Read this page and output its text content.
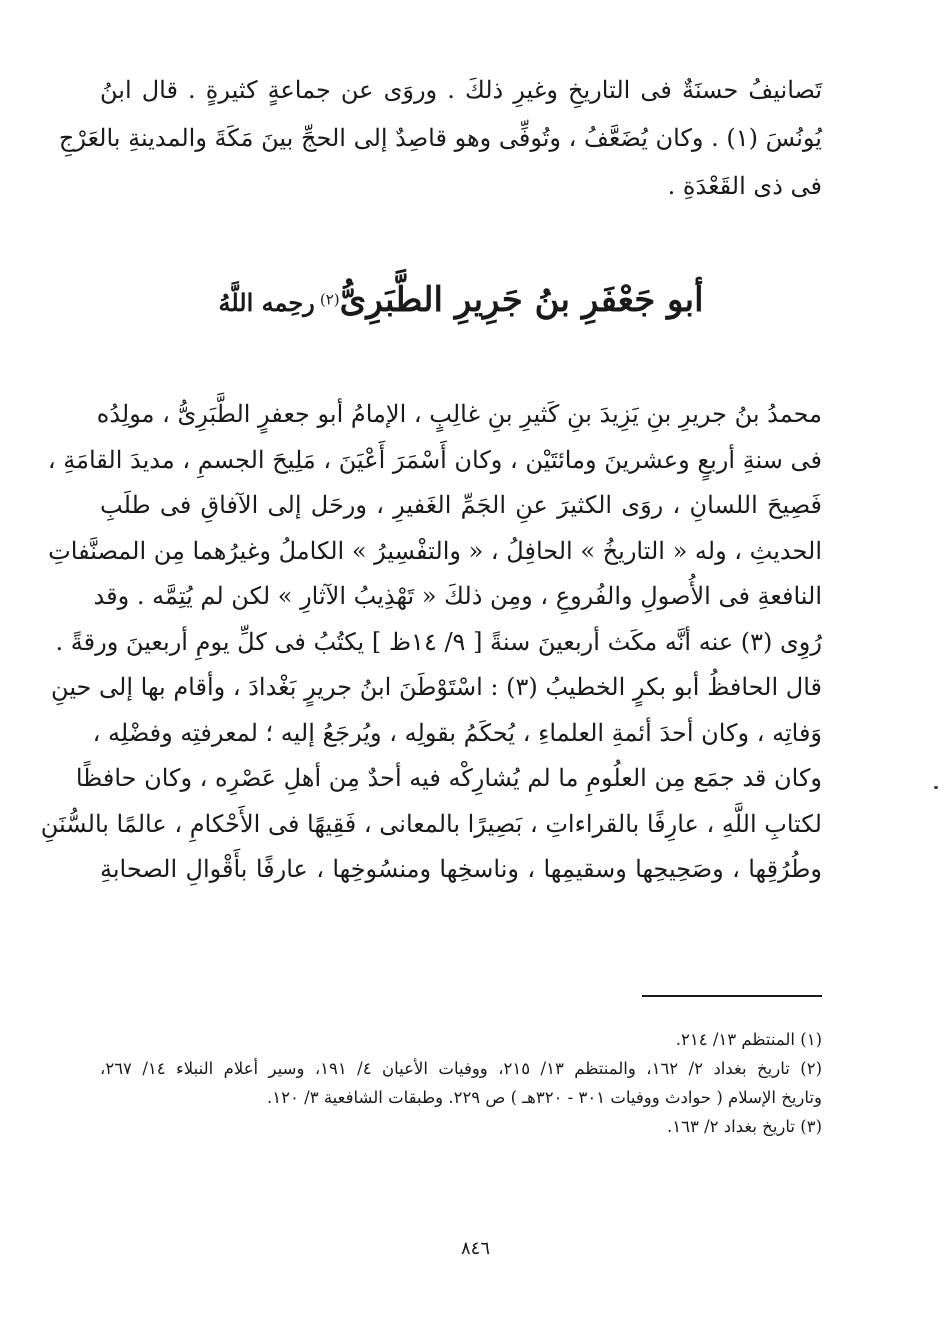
تَصانيفُ حسنَةٌ فى التاريخِ وغيرِ ذلكَ . وروَى عن جماعةٍ كثيرةٍ . قال ابنُ
يُونُسَ (١) . وكان يُضَعَّفُ ، وتُوفِّى وهو قاصِدٌ إلى الحجِّ بينَ مَكَةَ والمدينةِ بالعَرْجِ
فى ذى القَعْدَةِ .
أبو جَعْفَرِ بنُ جَرِيرِ الطَّبَرِىُّ(٢) رحِمه اللَّهُ
محمدُ بنُ جريرِ بنِ يَزِيدَ بنِ كَثيرِ بنِ غالِبٍ ، الإمامُ أبو جعفرٍ الطَّبَرِىُّ ، مولِدُه
فى سنةِ أربعٍ وعشرينَ ومائتَيْن ، وكان أَسْمَرَ أَعْيَنَ ، مَلِيحَ الجسمِ ، مديدَ القامَةِ ،
فَصِيحَ اللسانِ ، روَى الكثيرَ عنِ الجَمِّ الغَفيرِ ، ورحَل إلى الآفاقِ فى طلَبِ
الحديثِ ، وله « التاريخُ » الحافِلُ ، « والتفْسِيرُ » الكاملُ وغيرُهما مِن المصنَّفاتِ
النافعةِ فى الأُصولِ والفُروعِ ، ومِن ذلكَ « تَهْذِيبُ الآثارِ » لكن لم يُتِمَّه . وقد
رُوِى (٣) عنه أنَّه مكَث أربعينَ سنةً [ ٩/ ١٤ظ ] يكتُبُ فى كلِّ يومِ أربعينَ ورقةً .
قال الحافظُ أبو بكرٍ الخطيبُ (٣) : اسْتَوْطَنَ ابنُ جريرٍ بَغْدادَ ، وأقام بها إلى حينِ
وَفاتِه ، وكان أحدَ أئمةِ العلماءِ ، يُحكَمُ بقولِه ، ويُرجَعُ إليه ؛ لمعرفتِه وفضْلِه ،
وكان قد جمَع مِن العلُومِ ما لم يُشارِكْه فيه أحدٌ مِن أهلِ عَصْرِه ، وكان حافظًا
لكتابِ اللَّهِ ، عارِفًا بالقراءاتِ ، بَصِيرًا بالمعانى ، فَقِيهًا فى الأَحْكامِ ، عالمًا بالسُّنَنِ
وطُرُقِها ، وصَحِيحِها وسقيمِها ، وناسخِها ومنسُوخِها ، عارفًا بأَقْوالِ الصحابةِ
(١) المنتظم ١٣/ ٢١٤.
(٢) تاريخ بغداد ٢/ ١٦٢، والمنتظم ١٣/ ٢١٥، ووفيات الأعيان ٤/ ١٩١، وسير أعلام النبلاء ١٤/ ٢٦٧،
وتاريخ الإسلام ( حوادث ووفيات ٣٠١ - ٣٢٠هـ ) ص ٢٢٩. وطبقات الشافعية ٣/ ١٢٠.
(٣) تاريخ بغداد ٢/ ١٦٣.
٨٤٦
